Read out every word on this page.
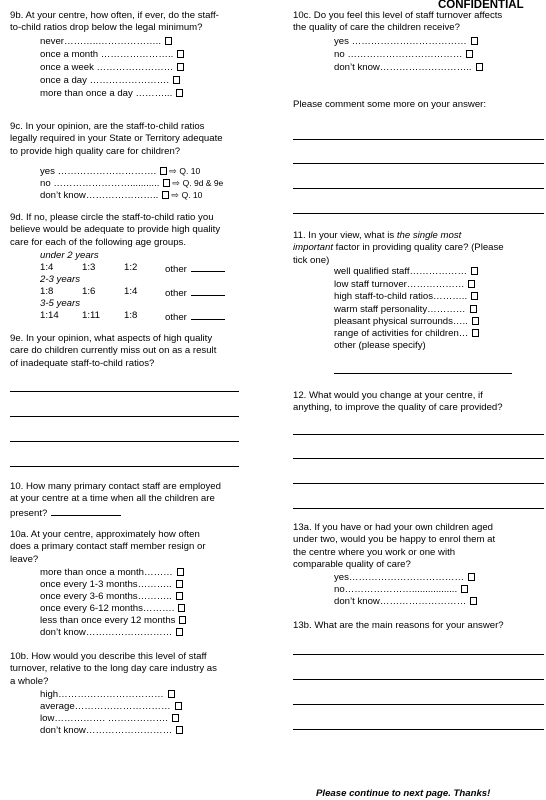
CONFIDENTIAL
9b. At your centre, how often, if ever, do the staff-
to-child ratios drop below the legal minimum?
never………..………………..
once a month …………………..
once a week ……………………
once a day …………………….
more than once a day ………...
9c. In your opinion, are the staff-to-child ratios
legally required in your State or Territory adequate
to provide high quality care for children?
yes …………………………. ⇨ Q. 10
no ……………………........... ⇨ Q. 9d & 9e
don’t know………………….. ⇨ Q. 10
9d. If no, please circle the staff-to-child ratio you
believe would be adequate to provide high quality
care for each of the following age groups.
under 2 years
1:4	1:3	1:2	other
2-3 years
1:8	1:6	1:4	other
3-5 years
1:14 1:11	1:8	other
9e. In your opinion, what aspects of high quality
care do children currently miss out on as a result
of inadequate staff-to-child ratios?
10. How many primary contact staff are employed
at your centre at a time when all the children are
present?
10a. At your centre, approximately how often
does a primary contact staff member resign or
leave?
more than once a month………
once every 1-3 months………..
once every 3-6 months………..
once every 6-12 months……….
less than once every 12 months
don’t know………………………
10b. How would you describe this level of staff
turnover, relative to the long day care industry as
a whole?
high……………………………
average…………………………
low……………. ……………….
don’t know………………………
10c. Do you feel this level of staff turnover affects
the quality of care the children receive?
yes ………………………………
no ………………………………
don’t know………………………..
Please comment some more on your answer:
11. In your view, what is the single most
important factor in providing quality care? (Please
tick one)
well qualified staff………………
low staff turnover………………
high staff-to-child ratios………..
warm staff personality…………
pleasant physical surrounds…..
range of activities for children…
other (please specify)
12. What would you change at your centre, if
anything, to improve the quality of care provided?
13a. If you have or had your own children aged
under two, would you be happy to enrol them at
the centre where you work or one with
comparable quality of care?
yes………………………………
no………………….................
don’t know………………………
13b. What are the main reasons for your answer?
Please continue to next page. Thanks!
